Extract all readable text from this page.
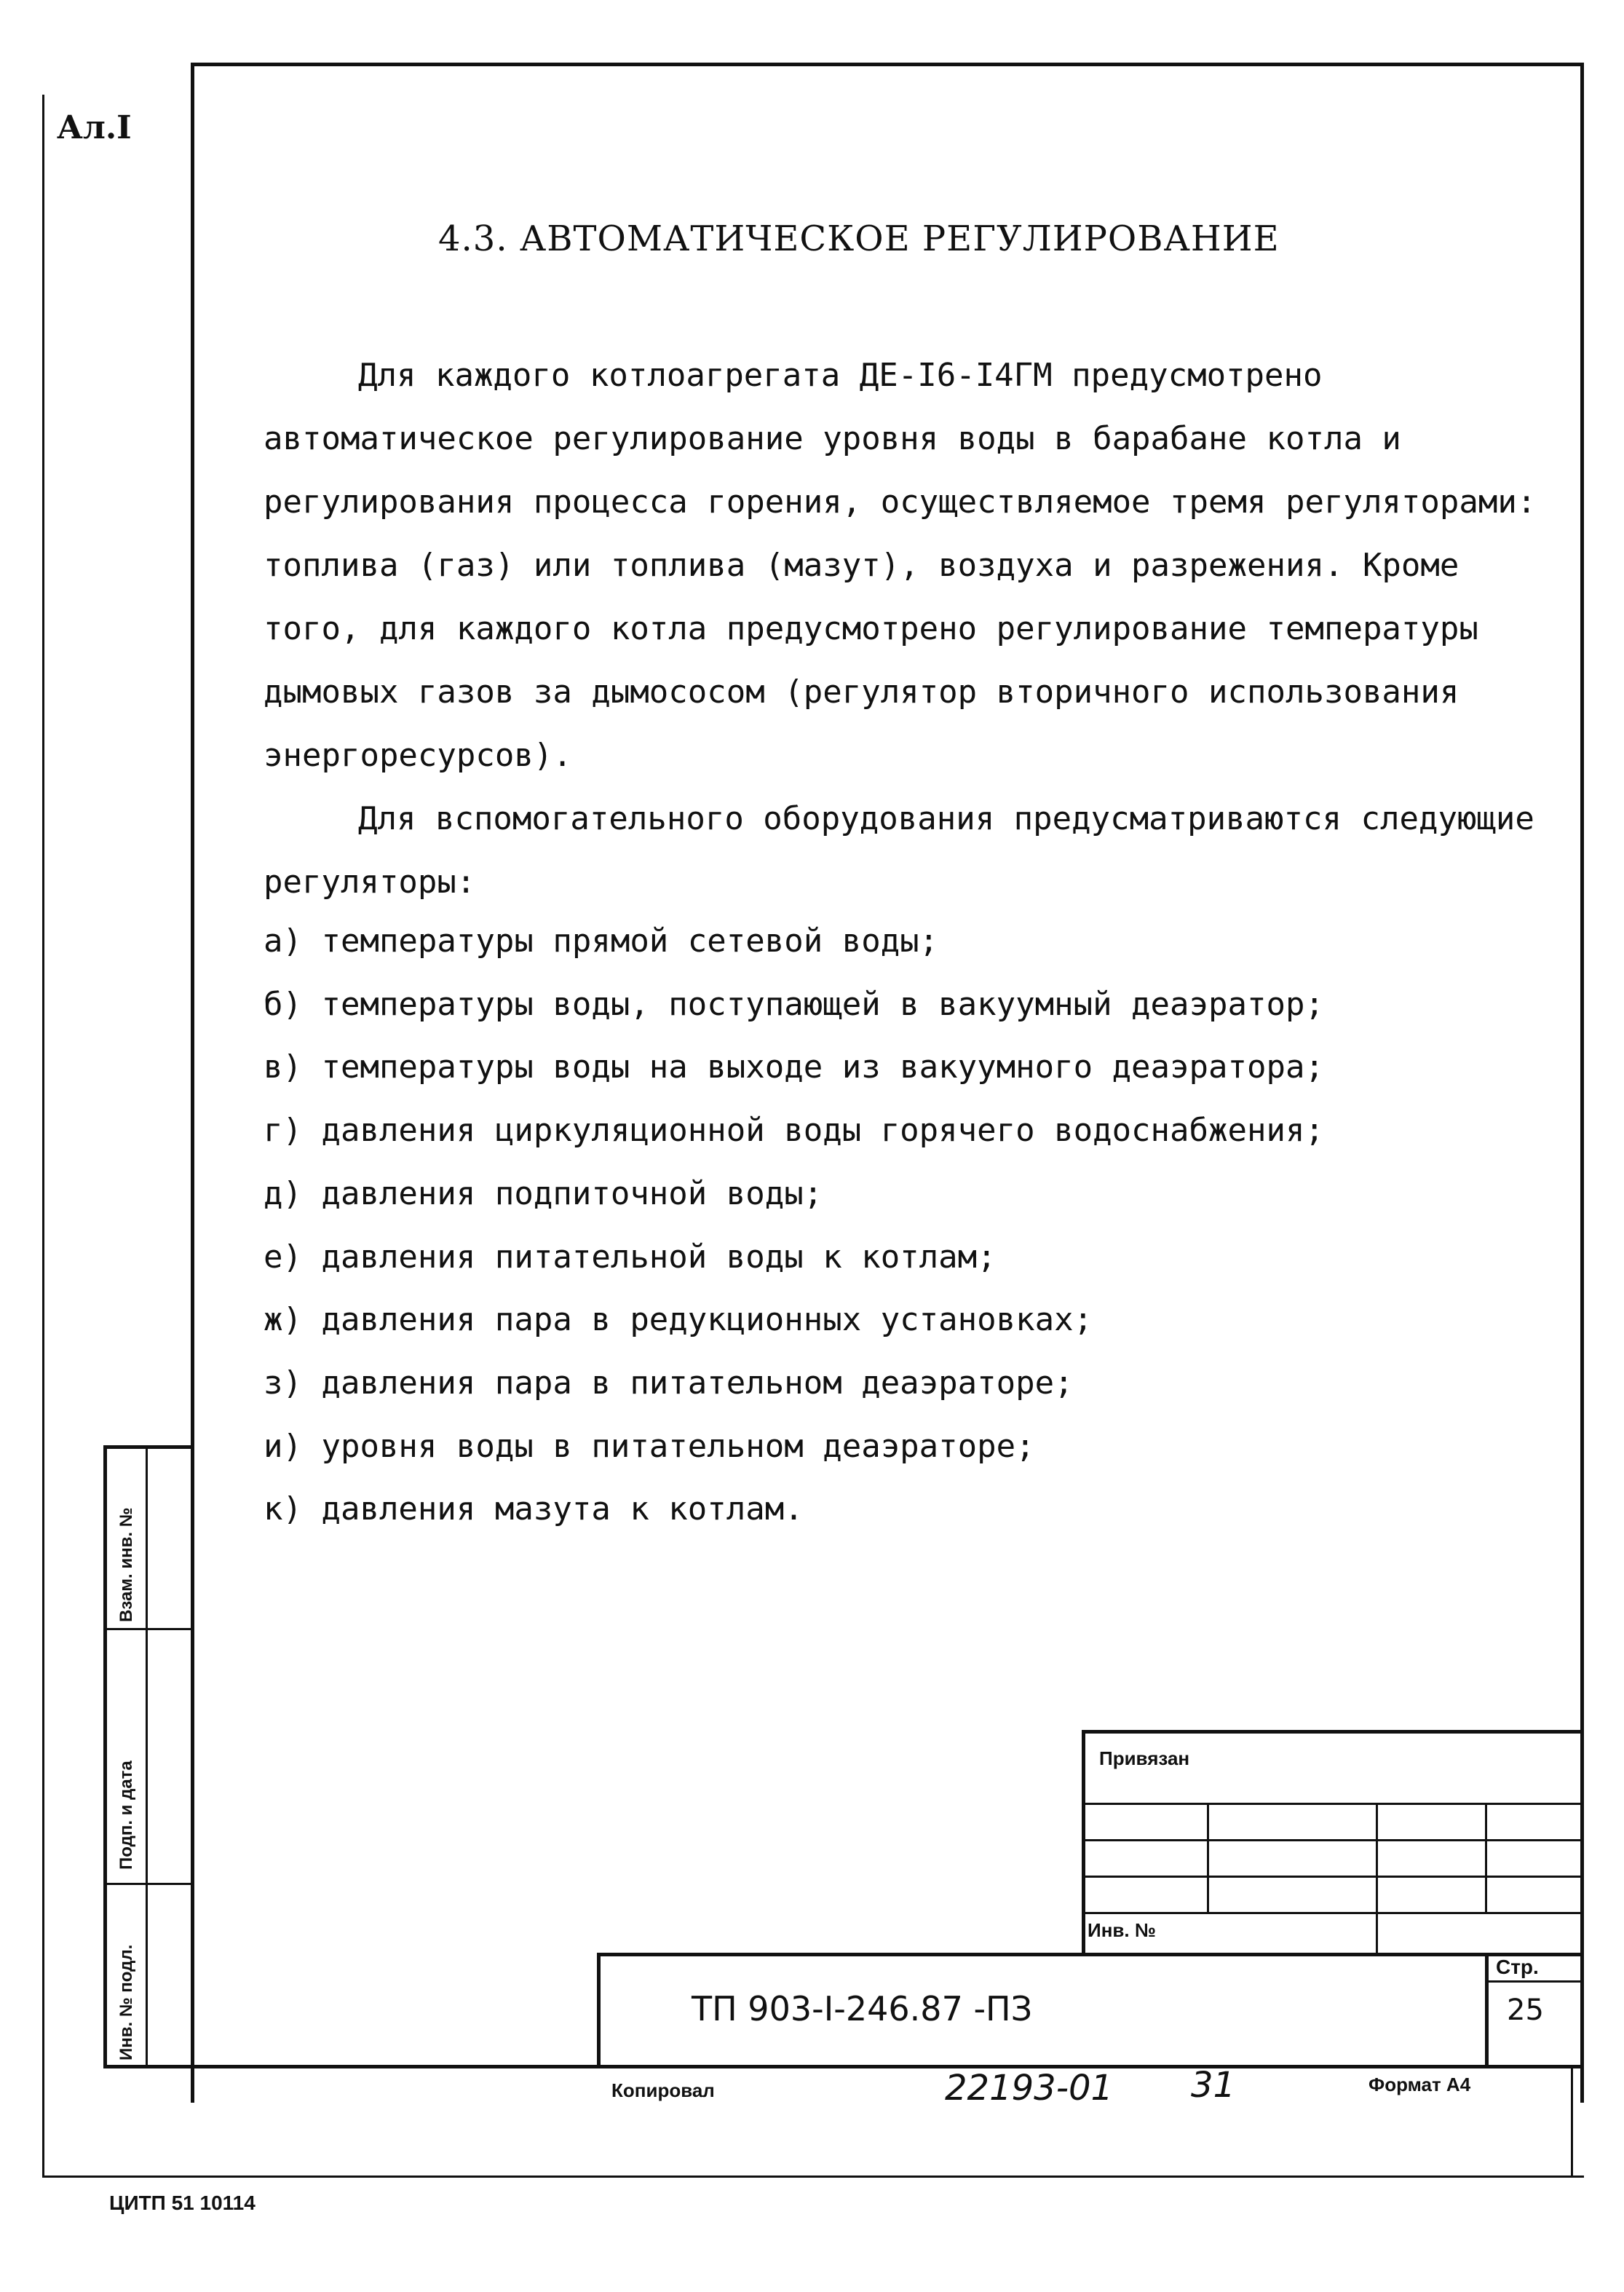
Ал.I
4.3. АВТОМАТИЧЕСКОЕ РЕГУЛИРОВАНИЕ

Для каждого котлоагрегата ДЕ-I6-I4ГМ предусмотрено автоматическое регулирование уровня воды в барабане котла и регулирования процесса горения, осуществляемое тремя регуляторами:

топлива (газ) или топлива (мазут), воздуха и разрежения. Кроме того, для каждого котла предусмотрено регулирование температуры дымовых газов за дымососом (регулятор вторичного использования энергоресурсов).

Для вспомогательного оборудования предусматриваются следующие регуляторы:

а) температуры прямой сетевой воды;
б) температуры воды, поступающей в вакуумный деаэратор;
в) температуры воды на выходе из вакуумного деаэратора;
г) давления циркуляционной воды горячего водоснабжения;
д) давления подпиточной воды;
е) давления питательной воды к котлам;
ж) давления пара в редукционных установках;
з) давления пара в питательном деаэраторе;
и) уровня воды в питательном деаэраторе;
к) давления мазута к котлам.
Взам. инв. №
Подп. и дата
Инв. № подл.
Привязан
Инв. №
ТП 903-I-246.87 -ПЗ
Стр.
25
Копировал	22193-01 31	Формат А4
ЦИТП 51 10114
